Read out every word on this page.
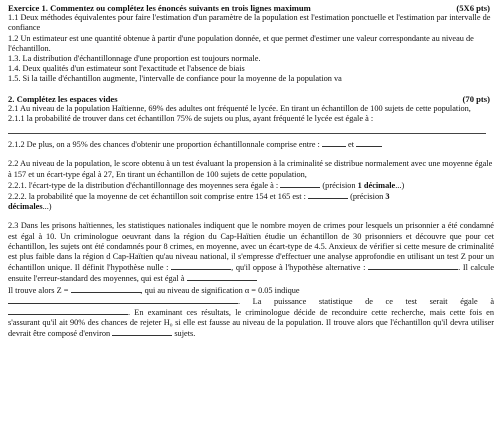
Exercice 1. Commentez ou complétez les énoncés suivants en trois lignes maximum	(5X6 pts)
1.1 Deux méthodes équivalentes pour faire l'estimation d'un paramètre de la population est l'estimation ponctuelle et l'estimation par intervalle de confiance
1.2 Un estimateur est une quantité obtenue à partir d'une population donnée, et que permet d'estimer une valeur correspondante au niveau de l'échantillon.
1.3. La distribution d'échantillonnage d'une proportion est toujours normale.
1.4. Deux qualités d'un estimateur sont l'exactitude et l'absence de biais
1.5. Si la taille d'échantillon augmente, l'intervalle de confiance pour la moyenne de la population va
2. Complétez les espaces vides	(70 pts)
2.1 Au niveau de la population Haïtienne, 69% des adultes ont fréquenté le lycée. En tirant un échantillon de 100 sujets de cette population,
2.1.1 la probabilité de trouver dans cet échantillon 75% de sujets ou plus, ayant fréquenté le lycée est égale à :
2.1.2 De plus, on a 95% des chances d'obtenir une proportion échantillonnale comprise entre :	et
2.2 Au niveau de la population, le score obtenu à un test évaluant la propension à la criminalité se distribue normalement avec une moyenne égale à 157 et un écart-type égal à 27, En tirant un échantillon de 100 sujets de cette population,
2.2.1. l'écart-type de la distribution d'échantillonnage des moyennes sera égale à :	(précision 1 décimale...)
2.2.2. la probabilité que la moyenne de cet échantillon soit comprise entre 154 et 165 est :	(précision 3
décimales...)
2.3 Dans les prisons haïtiennes, les statistiques nationales indiquent que le nombre moyen de crimes pour lesquels un prisonnier a été condamné est égal à 10. Un criminologue oeuvrant dans la région du Cap-Haïtien étudie un échantillon de 30 prisonniers et découvre que pour cet échantillon, les sujets ont été condamnés pour 8 crimes, en moyenne, avec un écart-type de 4.5. Anxieux de vérifier si cette mesure de criminalité est plus faible dans la région d Cap-Haïtien qu'au niveau national, il s'empresse d'effectuer une analyse approfondie en utilisant un test Z pour un échantillon unique. Il définit l'hypothèse nulle :	, qu'il oppose à l'hypothèse alternative :	. Il calcule ensuite l'erreur-standard des moyennes, qui est égal à
Il trouve alors Z =	, qui au niveau de signification α = 0.05 indique
. La puissance statistique de ce test serait égale à . En examinant ces résultats, le criminologue décide de reconduire cette recherche, mais cette fois en s'assurant qu'il ait 90% des chances de rejeter H₀ si elle est fausse au niveau de la population. Il trouve alors que l'échantillon qu'il devra utiliser devrait être composé d'environ	sujets.
